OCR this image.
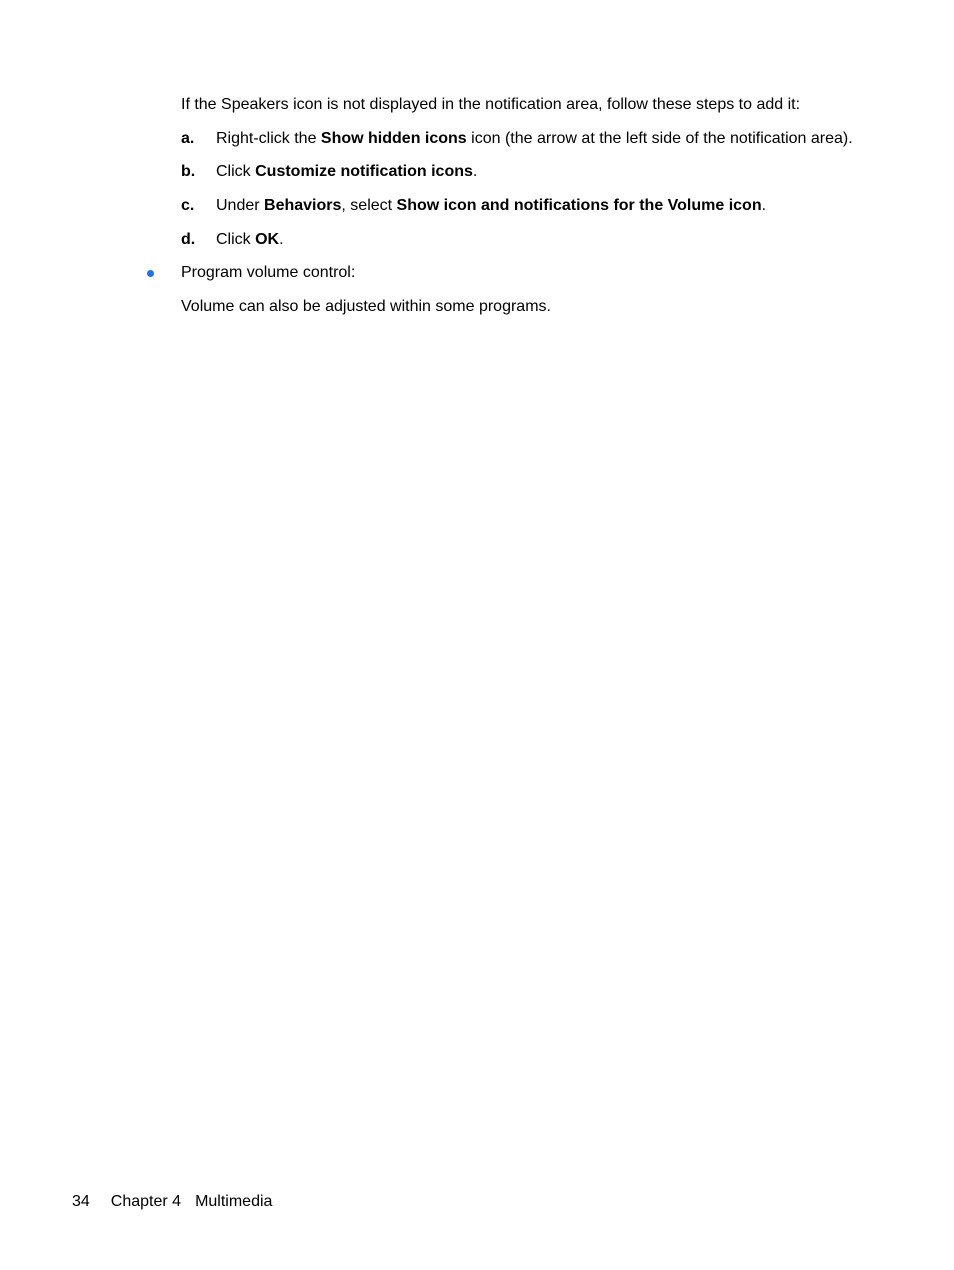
If the Speakers icon is not displayed in the notification area, follow these steps to add it:
a. Right-click the Show hidden icons icon (the arrow at the left side of the notification area).
b. Click Customize notification icons.
c. Under Behaviors, select Show icon and notifications for the Volume icon.
d. Click OK.
Program volume control:
Volume can also be adjusted within some programs.
34 Chapter 4 Multimedia
